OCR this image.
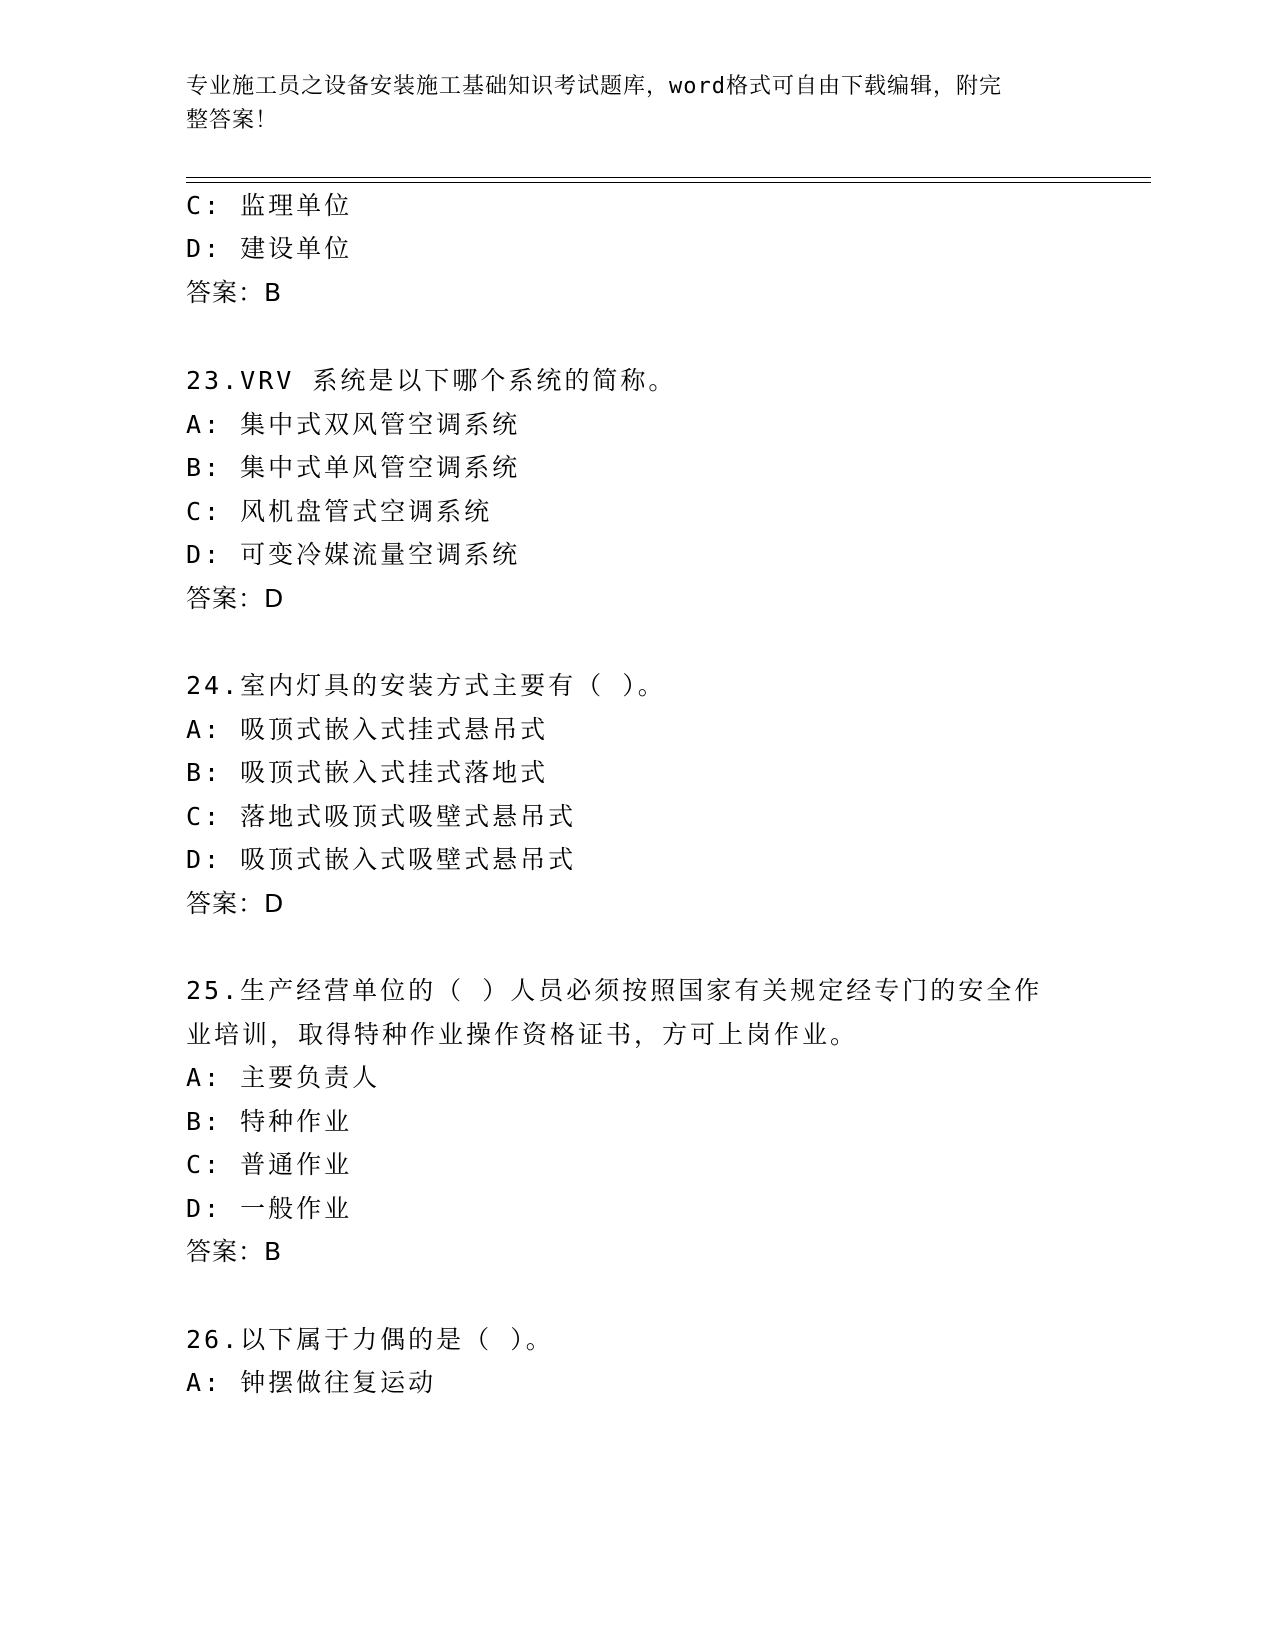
专业施工员之设备安装施工基础知识考试题库，word格式可自由下载编辑，附完
整答案！
C: 监理单位
D: 建设单位
答案：B
23.VRV 系统是以下哪个系统的简称。
A: 集中式双风管空调系统
B: 集中式单风管空调系统
C: 风机盘管式空调系统
D: 可变冷媒流量空调系统
答案：D
24.室内灯具的安装方式主要有（ ）。
A: 吸顶式嵌入式挂式悬吊式
B: 吸顶式嵌入式挂式落地式
C: 落地式吸顶式吸壁式悬吊式
D: 吸顶式嵌入式吸壁式悬吊式
答案：D
25.生产经营单位的（ ）人员必须按照国家有关规定经专门的安全作
业培训，取得特种作业操作资格证书，方可上岗作业。
A: 主要负责人
B: 特种作业
C: 普通作业
D: 一般作业
答案：B
26.以下属于力偶的是（ ）。
A: 钟摆做往复运动
